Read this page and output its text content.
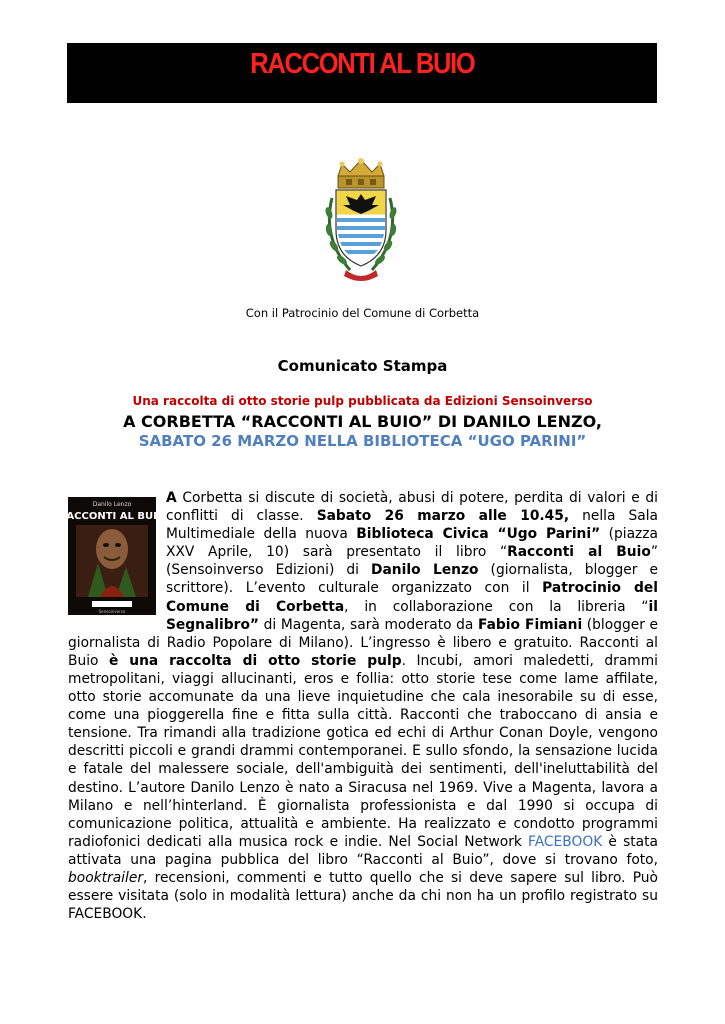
RACCONTI AL BUIO
Con il Patrocinio del Comune di Corbetta
Comunicato Stampa
Una raccolta di otto storie pulp pubblicata da Edizioni Sensoinverso
A CORBETTA “RACCONTI AL BUIO” DI DANILO LENZO,
SABATO 26 MARZO NELLA BIBLIOTECA “UGO PARINI”
Danilo Lenzo
RACCONTI AL BUIO
Sensoinverso
A Corbetta si discute di società, abusi di potere, perdita di valori e di conflitti di classe. Sabato 26 marzo alle 10.45, nella Sala Multimediale della nuova Biblioteca Civica “Ugo Parini” (piazza XXV Aprile, 10) sarà presentato il libro “Racconti al Buio” (Sensoinverso Edizioni) di Danilo Lenzo (giornalista, blogger e scrittore). L’evento culturale organizzato con il Patrocinio del Comune di Corbetta, in collaborazione con la libreria “il Segnalibro” di Magenta, sarà moderato da Fabio Fimiani (blogger e giornalista di Radio Popolare di Milano). L’ingresso è libero e gratuito. Racconti al Buio è una raccolta di otto storie pulp. Incubi, amori maledetti, drammi metropolitani, viaggi allucinanti, eros e follia: otto storie tese come lame affilate, otto storie accomunate da una lieve inquietudine che cala inesorabile su di esse, come una pioggerella fine e fitta sulla città. Racconti che traboccano di ansia e tensione. Tra rimandi alla tradizione gotica ed echi di Arthur Conan Doyle, vengono descritti piccoli e grandi drammi contemporanei. E sullo sfondo, la sensazione lucida e fatale del malessere sociale, dell'ambiguità dei sentimenti, dell'ineluttabilità del destino. L’autore Danilo Lenzo è nato a Siracusa nel 1969. Vive a Magenta, lavora a Milano e nell’hinterland. È giornalista professionista e dal 1990 si occupa di comunicazione politica, attualità e ambiente. Ha realizzato e condotto programmi radiofonici dedicati alla musica rock e indie. Nel Social Network FACEBOOK è stata attivata una pagina pubblica del libro “Racconti al Buio”, dove si trovano foto, booktrailer, recensioni, commenti e tutto quello che si deve sapere sul libro. Può essere visitata (solo in modalità lettura) anche da chi non ha un profilo registrato su FACEBOOK.
